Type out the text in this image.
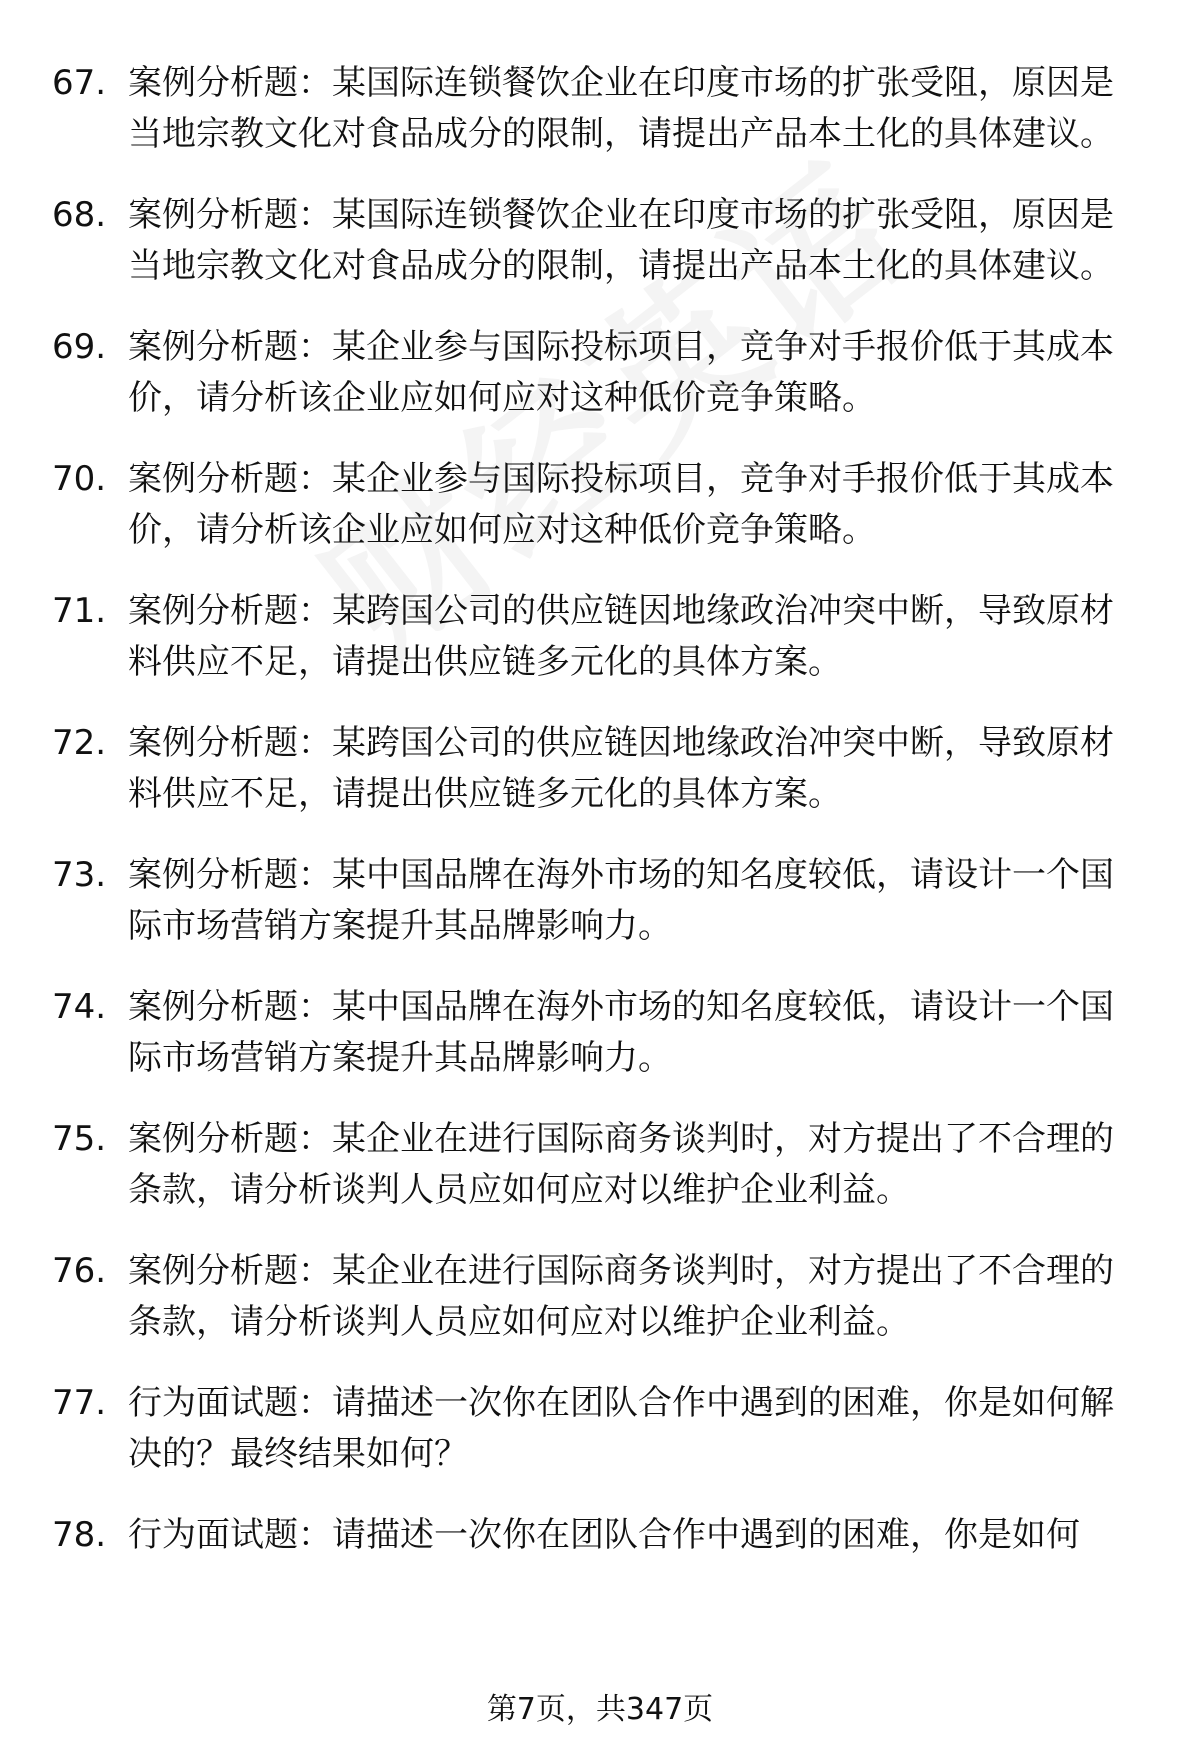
67. 案例分析题：某国际连锁餐饮企业在印度市场的扩张受阻，原因是当地宗教文化对食品成分的限制，请提出产品本土化的具体建议。
68. 案例分析题：某国际连锁餐饮企业在印度市场的扩张受阻，原因是当地宗教文化对食品成分的限制，请提出产品本土化的具体建议。
69. 案例分析题：某企业参与国际投标项目，竞争对手报价低于其成本价，请分析该企业应如何应对这种低价竞争策略。
70. 案例分析题：某企业参与国际投标项目，竞争对手报价低于其成本价，请分析该企业应如何应对这种低价竞争策略。
71. 案例分析题：某跨国公司的供应链因地缘政治冲突中断，导致原材料供应不足，请提出供应链多元化的具体方案。
72. 案例分析题：某跨国公司的供应链因地缘政治冲突中断，导致原材料供应不足，请提出供应链多元化的具体方案。
73. 案例分析题：某中国品牌在海外市场的知名度较低，请设计一个国际市场营销方案提升其品牌影响力。
74. 案例分析题：某中国品牌在海外市场的知名度较低，请设计一个国际市场营销方案提升其品牌影响力。
75. 案例分析题：某企业在进行国际商务谈判时，对方提出了不合理的条款，请分析谈判人员应如何应对以维护企业利益。
76. 案例分析题：某企业在进行国际商务谈判时，对方提出了不合理的条款，请分析谈判人员应如何应对以维护企业利益。
77. 行为面试题：请描述一次你在团队合作中遇到的困难，你是如何解决的？最终结果如何？
78. 行为面试题：请描述一次你在团队合作中遇到的困难，你是如何
第7页，共347页
